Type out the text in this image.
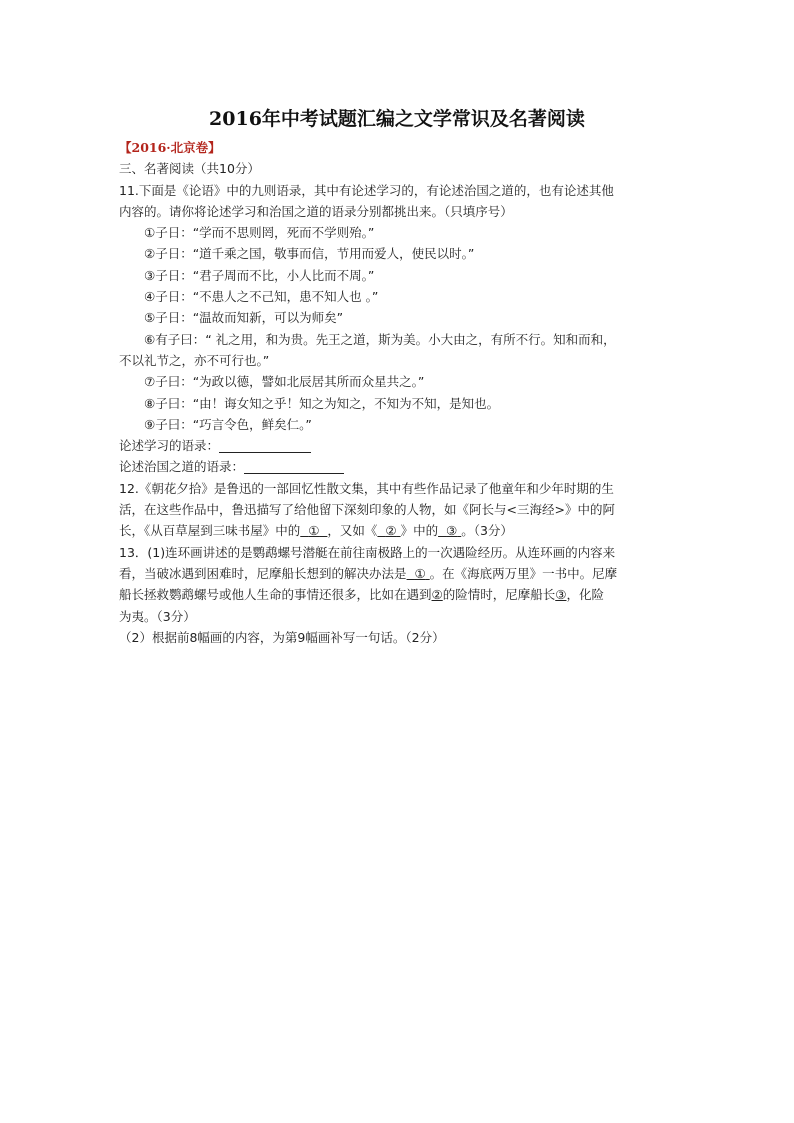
2016年中考试题汇编之文学常识及名著阅读
【2016·北京卷】
三、名著阅读（共10分）
11.下面是《论语》中的九则语录，其中有论述学习的，有论述治国之道的，也有论述其他
内容的。请你将论述学习和治国之道的语录分别都挑出来。（只填序号）
①子日：“学而不思则罔，死而不学则殆。”
②子日：“道千乘之国，敬事而信，节用而爱人，使民以时。”
③子日：“君子周而不比，小人比而不周。”
④子日：“不患人之不己知，患不知人也 。”
⑤子日：“温故而知新，可以为师矣”
⑥有子曰：“ 礼之用，和为贵。先王之道，斯为美。小大由之，有所不行。知和而和，
不以礼节之，亦不可行也。”
⑦子曰：“为政以德，譬如北辰居其所而众星共之。”
⑧子曰：“由！诲女知之乎！知之为知之，不知为不知，是知也。
⑨子曰：“巧言令色，鲜矣仁。”
论述学习的语录：
论述治国之道的语录：
12.《朝花夕拾》是鲁迅的一部回忆性散文集，其中有些作品记录了他童年和少年时期的生
活，在这些作品中，鲁迅描写了给他留下深刻印象的人物，如《阿长与<三海经>》中的阿
长，《从百草屋到三味书屋》中的 ① ，又如《 ② 》中的 ③ 。（3分）
13．(1)连环画讲述的是鹦鹉螺号潜艇在前往南极路上的一次遇险经历。从连环画的内容来
看，当破冰遇到困难时，尼摩船长想到的解决办法是 ① 。在《海底两万里》一书中。尼摩
船长拯救鹦鹉螺号或他人生命的事情还很多，比如在遇到②的险情时，尼摩船长③，化险
为夷。（3分）
（2）根据前8幅画的内容，为第9幅画补写一句话。（2分）
